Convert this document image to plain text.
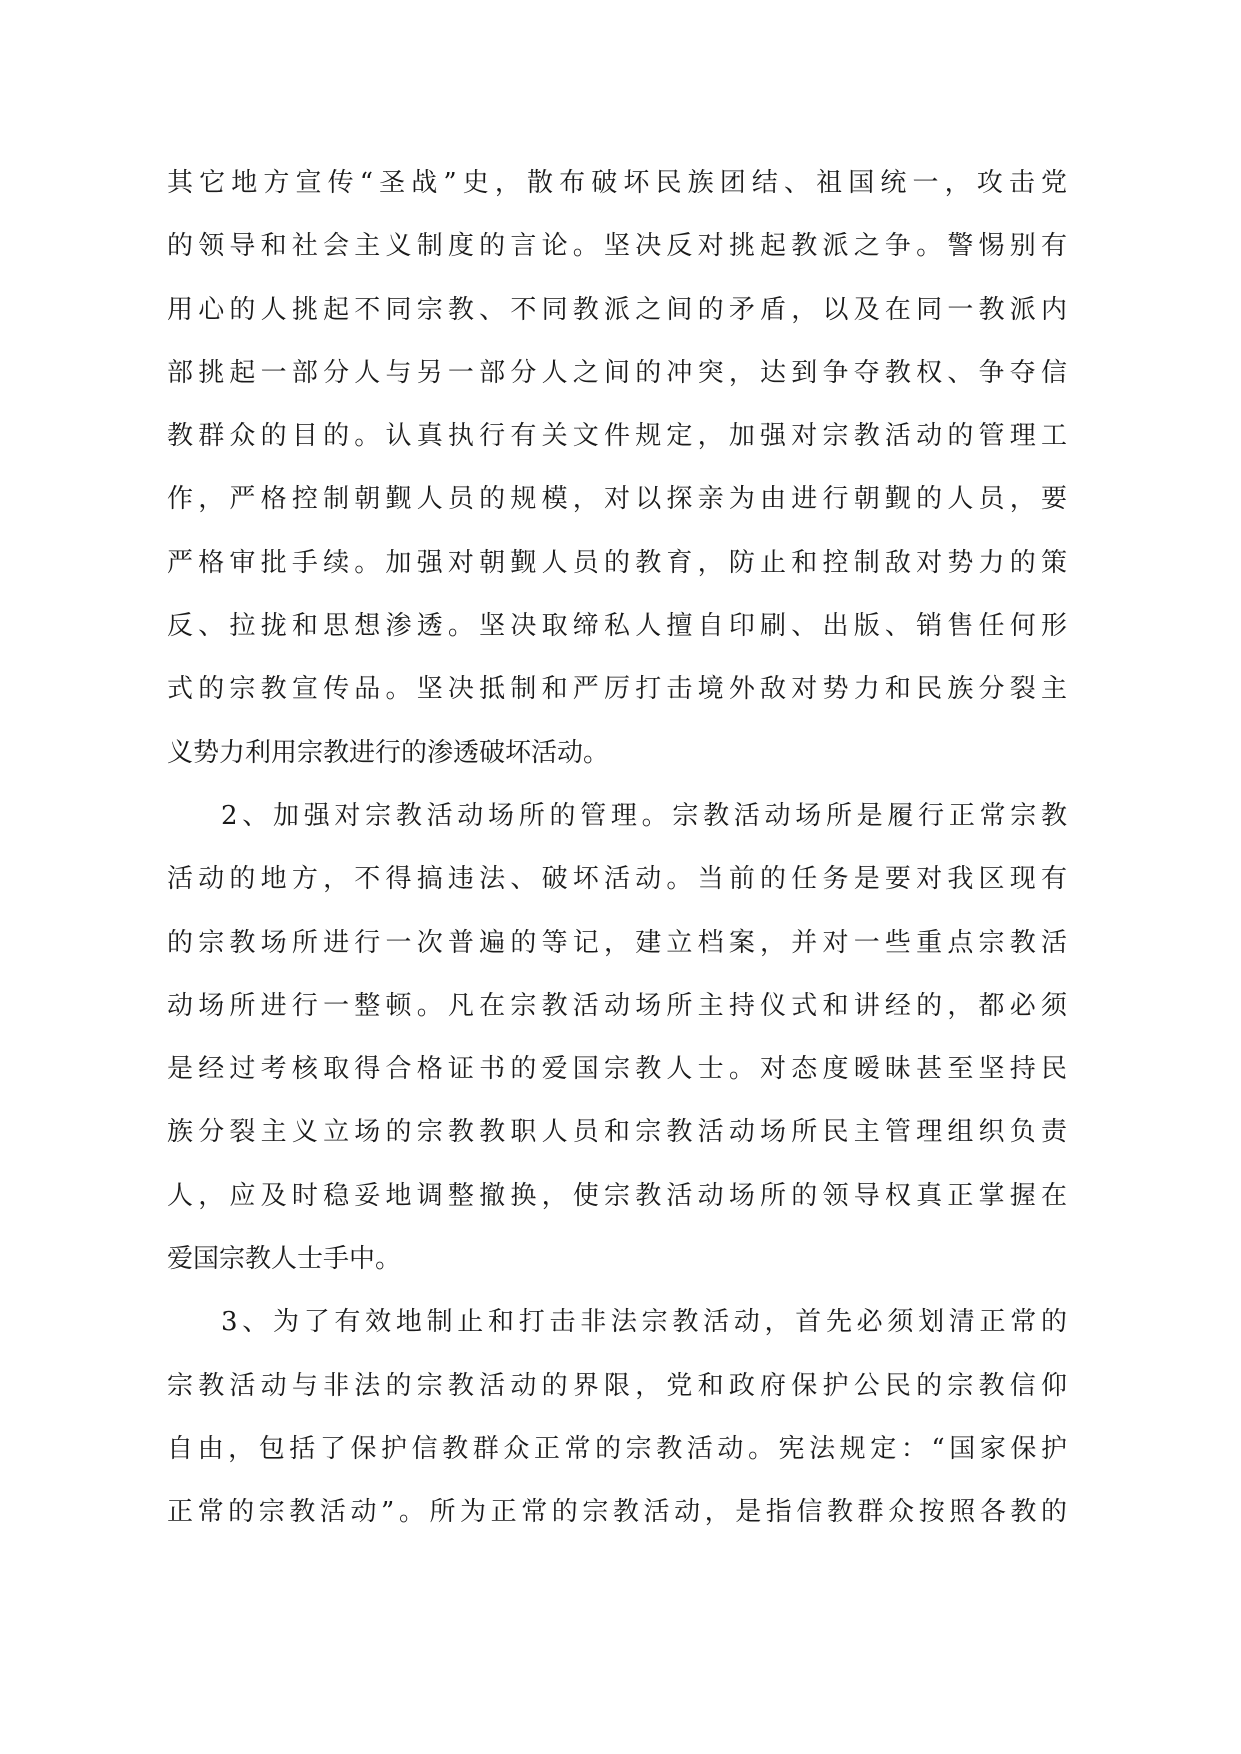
其它地方宣传“圣战”史，散布破坏民族团结、祖国统一，攻击党
的领导和社会主义制度的言论。坚决反对挑起教派之争。警惕别有
用心的人挑起不同宗教、不同教派之间的矛盾，以及在同一教派内
部挑起一部分人与另一部分人之间的冲突，达到争夺教权、争夺信
教群众的目的。认真执行有关文件规定，加强对宗教活动的管理工
作，严格控制朝觐人员的规模，对以探亲为由进行朝觐的人员，要
严格审批手续。加强对朝觐人员的教育，防止和控制敌对势力的策
反、拉拢和思想渗透。坚决取缔私人擅自印刷、出版、销售任何形
式的宗教宣传品。坚决抵制和严厉打击境外敌对势力和民族分裂主
义势力利用宗教进行的渗透破坏活动。
2、加强对宗教活动场所的管理。宗教活动场所是履行正常宗教
活动的地方，不得搞违法、破坏活动。当前的任务是要对我区现有
的宗教场所进行一次普遍的等记，建立档案，并对一些重点宗教活
动场所进行一整顿。凡在宗教活动场所主持仪式和讲经的，都必须
是经过考核取得合格证书的爱国宗教人士。对态度暧昧甚至坚持民
族分裂主义立场的宗教教职人员和宗教活动场所民主管理组织负责
人，应及时稳妥地调整撤换，使宗教活动场所的领导权真正掌握在
爱国宗教人士手中。
3、为了有效地制止和打击非法宗教活动，首先必须划清正常的
宗教活动与非法的宗教活动的界限，党和政府保护公民的宗教信仰
自由，包括了保护信教群众正常的宗教活动。宪法规定：“国家保护
正常的宗教活动”。所为正常的宗教活动，是指信教群众按照各教的
